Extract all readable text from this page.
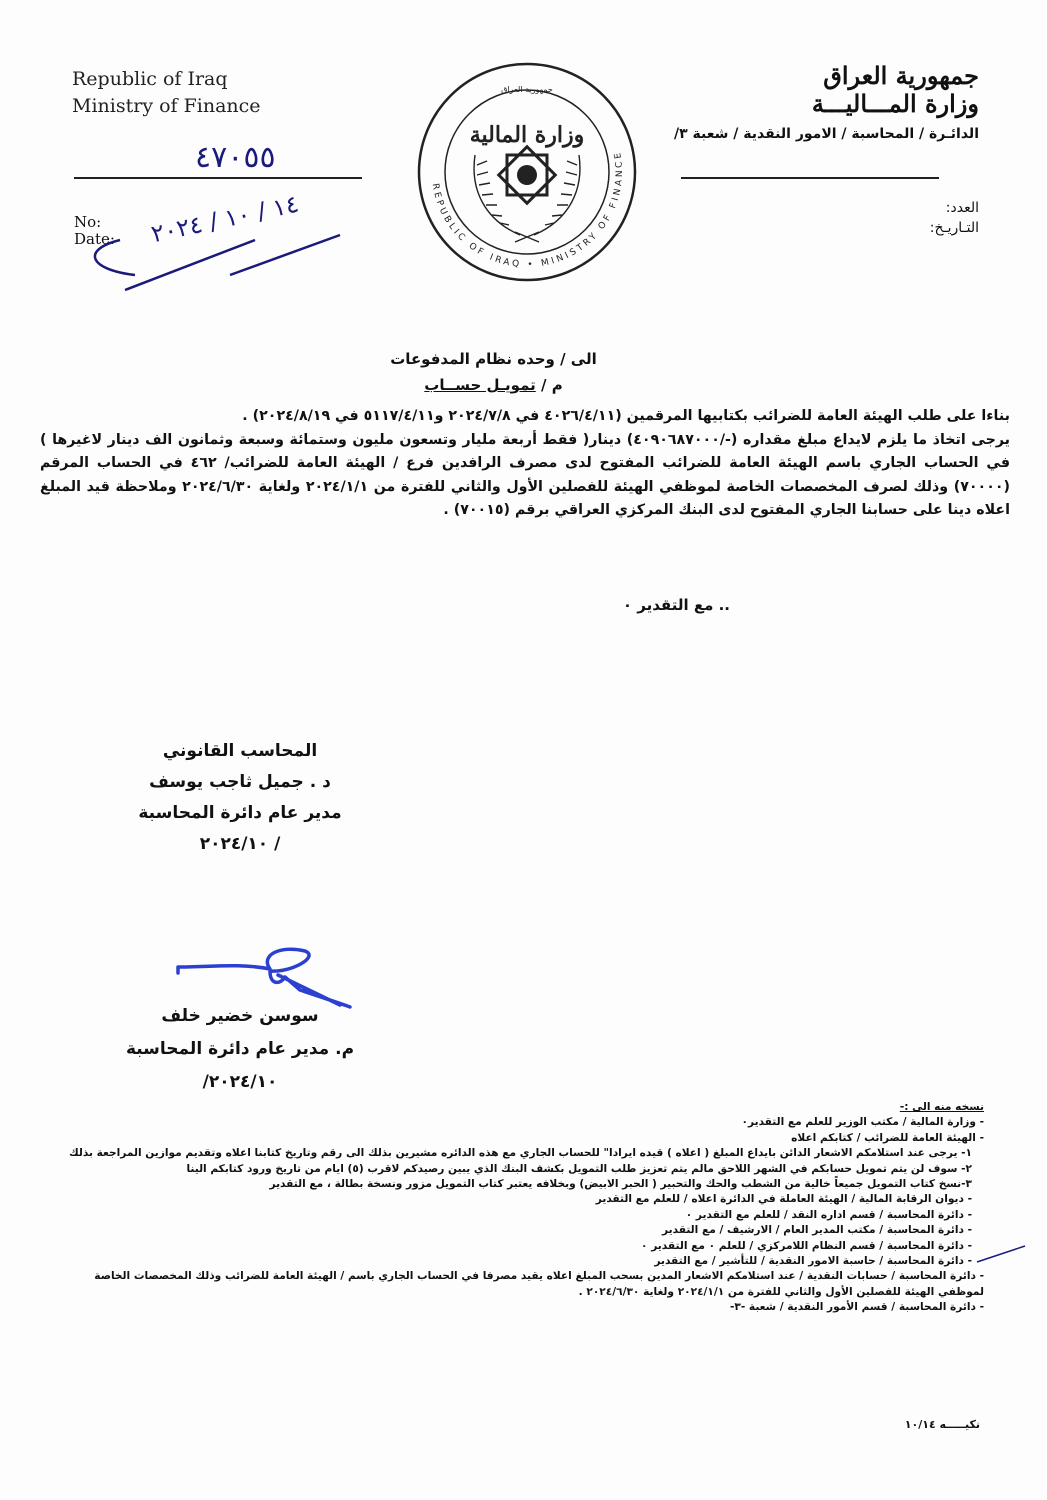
Republic of Iraq
Ministry of Finance
جمهورية العراق
وزارة المـــاليـــة
الدائـرة / المحاسبة / الامور النقدية / شعبة ٣/
العدد:
التـاريـخ:
No:
Date:
٤٧٠٥٥
١٤ / ١٠ / ٢٠٢٤
REPUBLIC OF IRAQ • MINISTRY OF FINANCE
وزارة المالية
جمهورية العراق
الى / وحده نظام المدفوعات
م / تمويـل حســاب

بناءا على طلب الهيئة العامة للضرائب بكتابيها المرقمين (٤٠٢٦/٤/١١ في ٢٠٢٤/٧/٨ و٥١١٧/٤/١١ في ٢٠٢٤/٨/١٩) .

يرجى اتخاذ ما يلزم لايداع مبلغ مقداره (-/٤٠٩٠٦٨٧٠٠٠) دينار( فقط أربعة مليار وتسعون مليون وستمائة وسبعة وثمانون الف دينار لاغيرها ) في الحساب الجاري باسم الهيئة العامة للضرائب المفتوح لدى مصرف الرافدين فرع / الهيئة العامة للضرائب/ ٤٦٢ في الحساب المرقم (٧٠٠٠٠) وذلك لصرف المخصصات الخاصة لموظفي الهيئة للفصلين الأول والثاني للفترة من ٢٠٢٤/١/١ ولغاية ٢٠٢٤/٦/٣٠ وملاحظة قيد المبلغ اعلاه دينا على حسابنا الجاري المفتوح لدى البنك المركزي العراقي برقم (٧٠٠١٥) .

.. مع التقدير ٠
المحاسب القانوني
د . جميل ثاجب يوسف
مدير عام دائرة المحاسبة
/ ٢٠٢٤/١٠
سوسن خضير خلف
م. مدير عام دائرة المحاسبة
٢٠٢٤/١٠/
نسخه منه الى :-
- وزارة المالية / مكتب الوزير للعلم مع التقدير٠
- الهيئة العامة للضرائب / كتابكم اعلاه
١- يرجى عند استلامكم الاشعار الدائن بايداع المبلغ ( اعلاه ) قيده ايرادا" للحساب الجاري مع هذه الدائره مشيرين بذلك الى رقم وتاريخ كتابنا اعلاه وتقديم موازين المراجعة بذلك
٢- سوف لن يتم تمويل حسابكم في الشهر اللاحق مالم يتم تعزيز طلب التمويل بكشف البنك الذي يبين رصيدكم لاقرب (٥) ايام من تاريخ ورود كتابكم الينا
٣-نسخ كتاب التمويل جميعاً خالية من الشطب والحك والتحبير ( الحبر الابيض) وبخلافه يعتبر كتاب التمويل مزور ونسخة بطالة ، مع التقدير
- ديوان الرقابة المالية / الهيئة العاملة في الدائرة اعلاه / للعلم مع التقدير
- دائرة المحاسبة / قسم اداره النقد / للعلم مع التقدير ٠
- دائرة المحاسبة / مكتب المدير العام / الارشيف / مع التقدير
- دائرة المحاسبة / قسم النظام اللامركزي / للعلم ٠ مع التقدير ٠
- دائرة المحاسبة / حاسبة الامور النقدية / للتأشير / مع التقدير
- دائرة المحاسبة / حسابات النقدية / عند استلامكم الاشعار المدين بسحب المبلغ اعلاه يقيد مصرفا في الحساب الجاري باسم / الهيئة العامة للضرائب وذلك المخصصات الخاصة
لموظفي الهيئة للفصلين الأول والثاني للفترة من ٢٠٢٤/١/١ ولغاية ٢٠٢٤/٦/٣٠ .
- دائرة المحاسبة / قسم الأمور النقدية / شعبة -٣-
نكيـــــه ١٠/١٤
